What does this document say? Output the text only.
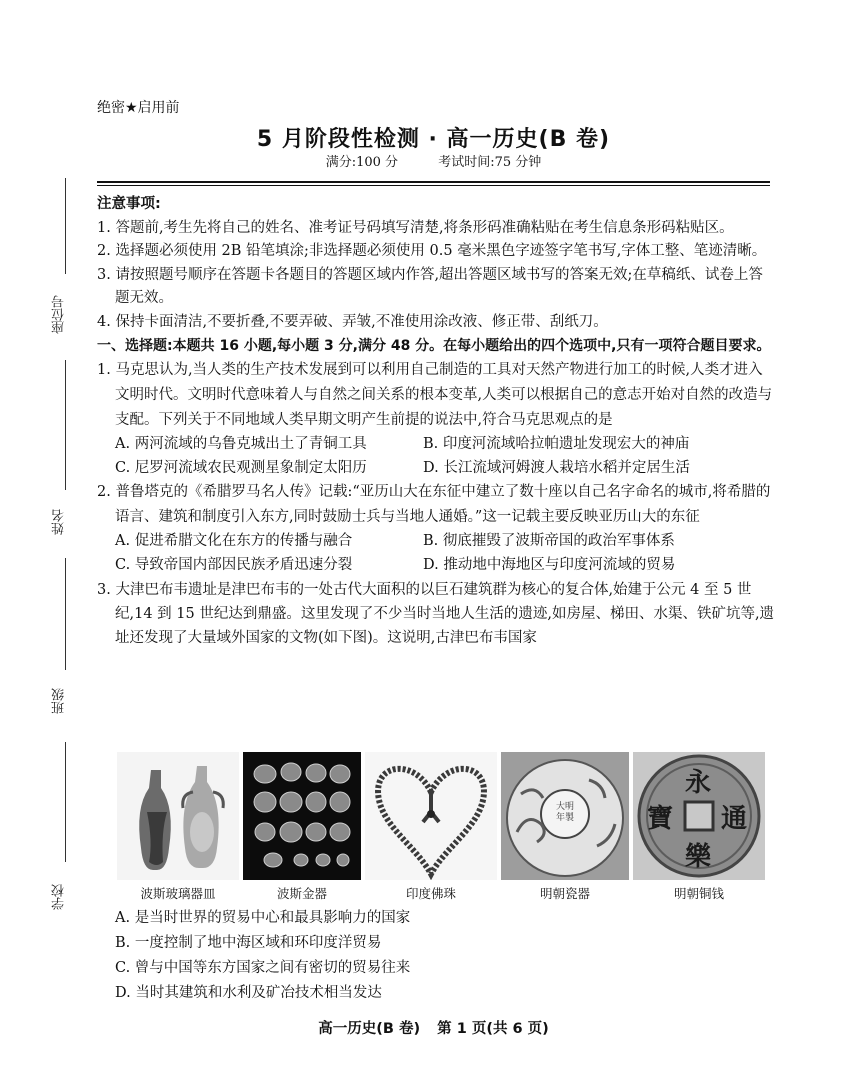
座位号
姓名
班级
学校
绝密★启用前
5 月阶段性检测 · 高一历史(B 卷)
满分:100 分	考试时间:75 分钟

注意事项:

1. 答题前,考生先将自己的姓名、准考证号码填写清楚,将条形码准确粘贴在考生信息条形码粘贴区。

2. 选择题必须使用 2B 铅笔填涂;非选择题必须使用 0.5 毫米黑色字迹签字笔书写,字体工整、笔迹清晰。

3. 请按照题号顺序在答题卡各题目的答题区域内作答,超出答题区域书写的答案无效;在草稿纸、试卷上答题无效。

4. 保持卡面清洁,不要折叠,不要弄破、弄皱,不准使用涂改液、修正带、刮纸刀。

一、选择题:本题共 16 小题,每小题 3 分,满分 48 分。在每小题给出的四个选项中,只有一项符合题目要求。

1. 马克思认为,当人类的生产技术发展到可以利用自己制造的工具对天然产物进行加工的时候,人类才进入文明时代。文明时代意味着人与自然之间关系的根本变革,人类可以根据自己的意志开始对自然的改造与支配。下列关于不同地域人类早期文明产生前提的说法中,符合马克思观点的是

A. 两河流域的乌鲁克城出土了青铜工具	B. 印度河流域哈拉帕遗址发现宏大的神庙
C. 尼罗河流域农民观测星象制定太阳历	D. 长江流域河姆渡人栽培水稻并定居生活

2. 普鲁塔克的《希腊罗马名人传》记载:“亚历山大在东征中建立了数十座以自己名字命名的城市,将希腊的语言、建筑和制度引入东方,同时鼓励士兵与当地人通婚。”这一记载主要反映亚历山大的东征

A. 促进希腊文化在东方的传播与融合	B. 彻底摧毁了波斯帝国的政治军事体系
C. 导致帝国内部因民族矛盾迅速分裂	D. 推动地中海地区与印度河流域的贸易

3. 大津巴布韦遗址是津巴布韦的一处古代大面积的以巨石建筑群为核心的复合体,始建于公元 4 至 5 世纪,14 到 15 世纪达到鼎盛。这里发现了不少当时当地人生活的遗迹,如房屋、梯田、水渠、铁矿坑等,遗址还发现了大量域外国家的文物(如下图)。这说明,古津巴布韦国家

大明年製
永
樂
通
寶
波斯玻璃器皿	波斯金器	印度佛珠	明朝瓷器	明朝铜钱

A. 是当时世界的贸易中心和最具影响力的国家

B. 一度控制了地中海区域和环印度洋贸易

C. 曾与中国等东方国家之间有密切的贸易往来

D. 当时其建筑和水利及矿冶技术相当发达

高一历史(B 卷) 第 1 页(共 6 页)
